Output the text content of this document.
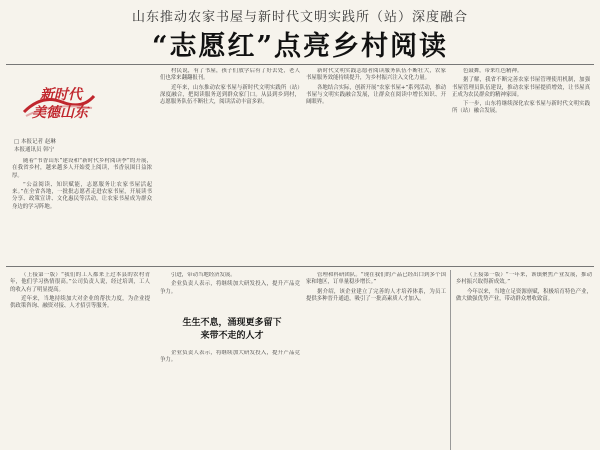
山东推动农家书屋与新时代文明实践所（站）深度融合
“志愿红”点亮乡村阅读
新时代
美德山东
□ 本报记者 赵琳
本报通讯员 韩宁

随着“书香山东”建设和“新时代乡村阅读季”的开展，在我省乡村，越来越多人开始爱上阅读，书香氛围日益浓厚。

“公益阅读、知识赋能，志愿服务让农家书屋活起来。”在全省各地，一批批志愿者走进农家书屋，开展读书分享、政策宣讲、文化惠民等活动，让农家书屋成为群众身边的学习阵地。

村民说，有了书屋，孩子们放学后有了好去处，老人们也常来翻翻报刊。

近年来，山东推动农家书屋与新时代文明实践所（站）深度融合，把阅读服务送到群众家门口。从县到乡到村，志愿服务队伍不断壮大，阅读活动丰富多彩。

新时代文明实践志愿者阅读服务队伍不断壮大，农家书屋服务效能持续提升，为乡村振兴注入文化力量。

各地结合实际，创新开展“农家书屋+”系列活动，推动书屋与文明实践融合发展，让群众在阅读中增长知识、开阔眼界。

色鼓舞，带来红色精神。

据了解，我省不断完善农家书屋管理使用机制，加强书屋管理员队伍建设，推动农家书屋提质增效，让书屋真正成为农民群众的精神家园。

下一步，山东将继续深化农家书屋与新时代文明实践所（站）融合发展。

（上接第一版）“我们的工人都来上过本县的农村青年，他们学习热情很高。”公司负责人说，经过培训，工人的收入有了明显提高。

近年来，当地持续加大对企业的帮扶力度，为企业提供政策咨询、融资对接、人才招引等服务。

引进，带动当地经济发展。

企业负责人表示，将继续加大研发投入，提升产品竞争力。

生生不息，涌现更多留下
来带不走的人才

企业负责人表示，将继续加大研发投入，提升产品竞争力。

管理和科研团队。“现在我们的产品已经出口到多个国家和地区，订单量稳步增长。”

据介绍，该企业建立了完善的人才培养体系，为员工提供多种晋升通道，吸引了一批高素质人才加入。

（上接第一版）“一年来，该镇聚焦产业发展，推动乡村振兴取得新成效。”

今年以来，当地立足资源禀赋，积极培育特色产业，做大做强优势产业，带动群众增收致富。
